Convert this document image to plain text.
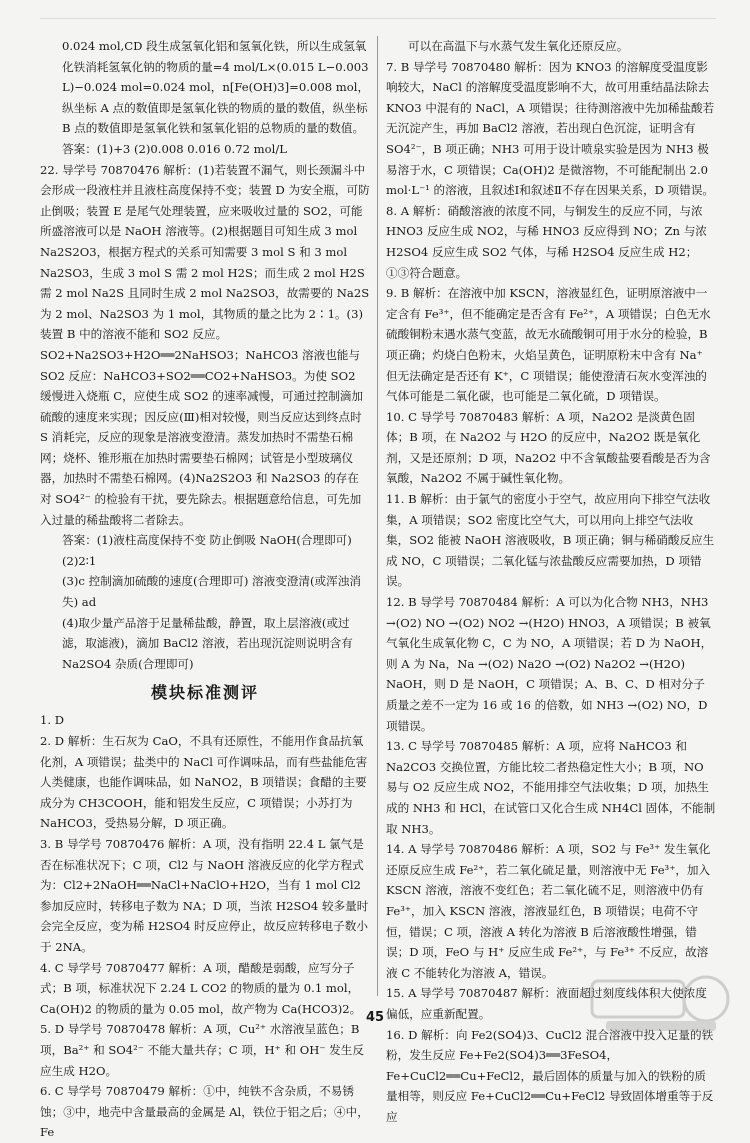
0.024 mol,CD 段生成氢氧化铝和氢氧化铁，所以生成氢氧化铁消耗氢氧化钠的物质的量=4 mol/L×(0.015 L−0.003 L)−0.024 mol=0.024 mol，n[Fe(OH)3]=0.008 mol，纵坐标 A 点的数值即是氢氧化铁的物质的量的数值，纵坐标 B 点的数值即是氢氧化铁和氢氧化铝的总物质的量的数值。

答案：(1)+3 (2)0.008 0.016 0.72 mol/L

22. 导学号 70870476 解析：(1)若装置不漏气，则长颈漏斗中会形成一段液柱并且液柱高度保持不变；装置 D 为安全瓶，可防止倒吸；装置 E 是尾气处理装置，应来吸收过量的 SO2，可能所盛溶液可以是 NaOH 溶液等。(2)根据题目可知生成 3 mol Na2S2O3，根据方程式的关系可知需要 3 mol S 和 3 mol Na2SO3，生成 3 mol S 需 2 mol H2S；而生成 2 mol H2S 需 2 mol Na2S 且同时生成 2 mol Na2SO3，故需要的 Na2S 为 2 mol、Na2SO3 为 1 mol，其物质的量之比为 2∶1。(3)装置 B 中的溶液不能和 SO2 反应。SO2+Na2SO3+H2O══2NaHSO3；NaHCO3 溶液也能与 SO2 反应：NaHCO3+SO2══CO2+NaHSO3。为使 SO2 缓慢进入烧瓶 C，应使生成 SO2 的速率减慢，可通过控制滴加硫酸的速度来实现；因反应(Ⅲ)相对较慢，则当反应达到终点时 S 消耗完，反应的现象是溶液变澄清。蒸发加热时不需垫石棉网；烧杯、锥形瓶在加热时需要垫石棉网；试管是小型玻璃仪器，加热时不需垫石棉网。(4)Na2S2O3 和 Na2SO3 的存在对 SO4²⁻ 的检验有干扰，要先除去。根据题意给信息，可先加入过量的稀盐酸将二者除去。

答案：(1)液柱高度保持不变 防止倒吸 NaOH(合理即可)

(2)2∶1

(3)c 控制滴加硫酸的速度(合理即可) 溶液变澄清(或浑浊消失) ad

(4)取少量产品溶于足量稀盐酸，静置，取上层溶液(或过滤，取滤液)，滴加 BaCl2 溶液，若出现沉淀则说明含有 Na2SO4 杂质(合理即可)

模块标准测评

1. D

2. D 解析：生石灰为 CaO，不具有还原性，不能用作食品抗氧化剂，A 项错误；盐类中的 NaCl 可作调味品，而有些盐能危害人类健康，也能作调味品，如 NaNO2，B 项错误；食醋的主要成分为 CH3COOH，能和铝发生反应，C 项错误；小苏打为 NaHCO3，受热易分解，D 项正确。

3. B 导学号 70870476 解析：A 项，没有指明 22.4 L 氯气是否在标准状况下；C 项，Cl2 与 NaOH 溶液反应的化学方程式为：Cl2+2NaOH══NaCl+NaClO+H2O，当有 1 mol Cl2 参加反应时，转移电子数为 NA；D 项，当浓 H2SO4 较多量时会完全反应，变为稀 H2SO4 时反应停止，故反应转移电子数小于 2NA。

4. C 导学号 70870477 解析：A 项，醋酸是弱酸，应写分子式；B 项，标准状况下 2.24 L CO2 的物质的量为 0.1 mol，Ca(OH)2 的物质的量为 0.05 mol，故产物为 Ca(HCO3)2。

5. D 导学号 70870478 解析：A 项，Cu²⁺ 水溶液呈蓝色；B 项，Ba²⁺ 和 SO4²⁻ 不能大量共存；C 项，H⁺ 和 OH⁻ 发生反应生成 H2O。

6. C 导学号 70870479 解析：①中，纯铁不含杂质，不易锈蚀；③中，地壳中含量最高的金属是 Al，铁位于铝之后；④中，Fe

可以在高温下与水蒸气发生氧化还原反应。

7. B 导学号 70870480 解析：因为 KNO3 的溶解度受温度影响较大，NaCl 的溶解度受温度影响不大，故可用重结晶法除去 KNO3 中混有的 NaCl，A 项错误；往待测溶液中先加稀盐酸若无沉淀产生，再加 BaCl2 溶液，若出现白色沉淀，证明含有 SO4²⁻，B 项正确；NH3 可用于设计喷泉实验是因为 NH3 极易溶于水，C 项错误；Ca(OH)2 是微溶物，不可能配制出 2.0 mol·L⁻¹ 的溶液，且叙述Ⅰ和叙述Ⅱ不存在因果关系，D 项错误。

8. A 解析：硝酸溶液的浓度不同，与铜发生的反应不同，与浓 HNO3 反应生成 NO2，与稀 HNO3 反应得到 NO；Zn 与浓 H2SO4 反应生成 SO2 气体，与稀 H2SO4 反应生成 H2；①③符合题意。

9. B 解析：在溶液中加 KSCN，溶液显红色，证明原溶液中一定含有 Fe³⁺，但不能确定是否含有 Fe²⁺，A 项错误；白色无水硫酸铜粉末遇水蒸气变蓝，故无水硫酸铜可用于水分的检验，B 项正确；灼烧白色粉末，火焰呈黄色，证明原粉末中含有 Na⁺ 但无法确定是否还有 K⁺，C 项错误；能使澄清石灰水变浑浊的气体可能是二氧化碳，也可能是二氧化硫，D 项错误。

10. C 导学号 70870483 解析：A 项，Na2O2 是淡黄色固体；B 项，在 Na2O2 与 H2O 的反应中，Na2O2 既是氧化剂，又是还原剂；D 项，Na2O2 中不含氧酸盐要看酸是否为含氧酸，Na2O2 不属于碱性氧化物。

11. B 解析：由于氯气的密度小于空气，故应用向下排空气法收集，A 项错误；SO2 密度比空气大，可以用向上排空气法收集，SO2 能被 NaOH 溶液吸收，B 项正确；铜与稀硝酸反应生成 NO，C 项错误；二氧化锰与浓盐酸反应需要加热，D 项错误。

12. B 导学号 70870484 解析：A 可以为化合物 NH3，NH3 →(O2) NO →(O2) NO2 →(H2O) HNO3，A 项错误；B 被氧气氧化生成氧化物 C，C 为 NO，A 项错误；若 D 为 NaOH，则 A 为 Na，Na →(O2) Na2O →(O2) Na2O2 →(H2O) NaOH，则 D 是 NaOH，C 项错误；A、B、C、D 相对分子质量之差不一定为 16 或 16 的倍数，如 NH3 →(O2) NO，D 项错误。

13. C 导学号 70870485 解析：A 项，应将 NaHCO3 和 Na2CO3 交换位置，方能比较二者热稳定性大小；B 项，NO 易与 O2 反应生成 NO2，不能用排空气法收集；D 项，加热生成的 NH3 和 HCl，在试管口又化合生成 NH4Cl 固体，不能制取 NH3。

14. A 导学号 70870486 解析：A 项，SO2 与 Fe³⁺ 发生氧化还原反应生成 Fe²⁺，若二氧化硫足量，则溶液中无 Fe³⁺，加入 KSCN 溶液，溶液不变红色；若二氧化硫不足，则溶液中仍有 Fe³⁺，加入 KSCN 溶液，溶液显红色，B 项错误；电荷不守恒，错误；C 项，溶液 A 转化为溶液 B 后溶液酸性增强，错误；D 项，FeO 与 H⁺ 反应生成 Fe²⁺，与 Fe³⁺ 不反应，故溶液 C 不能转化为溶液 A，错误。

15. A 导学号 70870487 解析：液面超过刻度线体积大使浓度偏低，应重新配置。

16. D 解析：向 Fe2(SO4)3、CuCl2 混合溶液中投入足量的铁粉，发生反应 Fe+Fe2(SO4)3══3FeSO4，Fe+CuCl2══Cu+FeCl2，最后固体的质量与加入的铁粉的质量相等，则反应 Fe+CuCl2══Cu+FeCl2 导致固体增重等于反应

45
